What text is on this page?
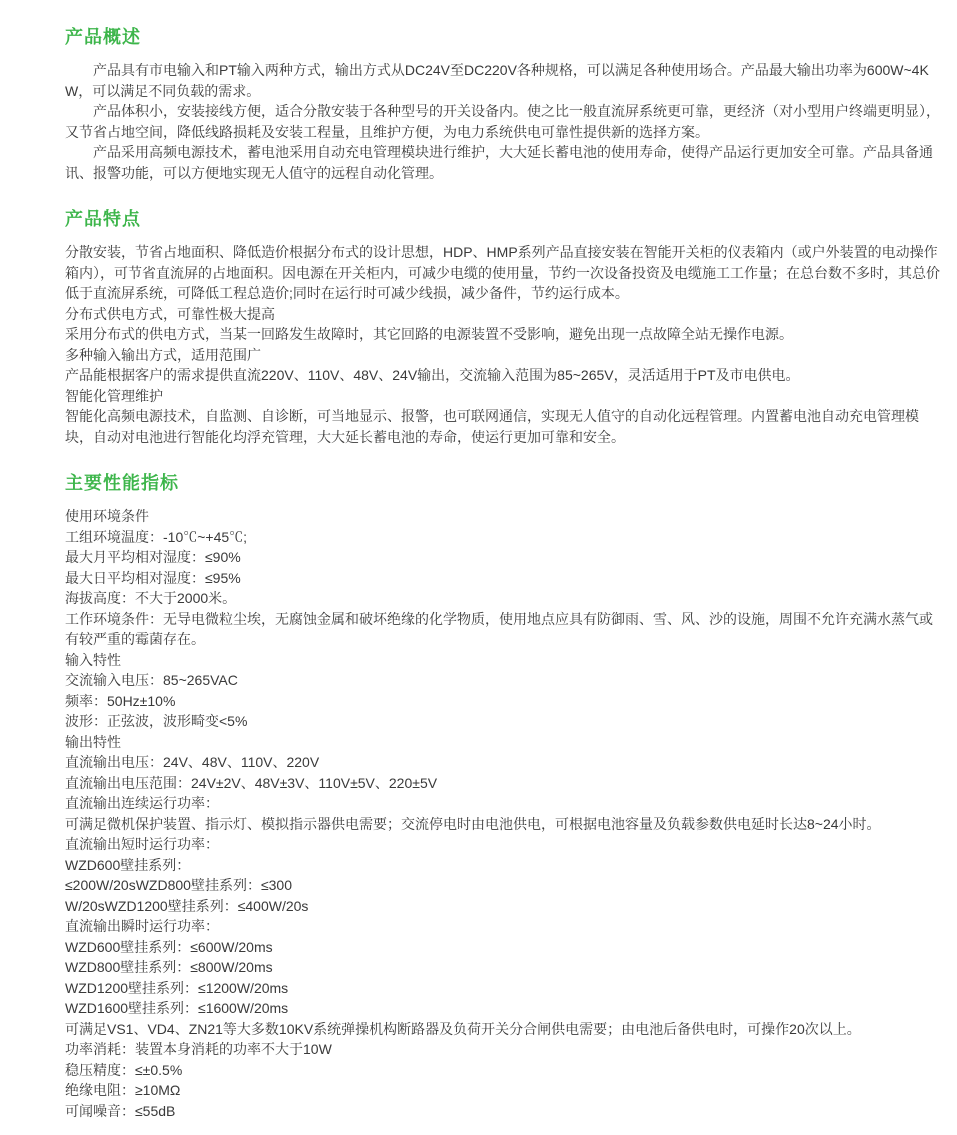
产品概述

产品具有市电输入和PT输入两种方式，输出方式从DC24V至DC220V各种规格，可以满足各种使用场合。产品最大输出功率为600W~4KW，可以满足不同负载的需求。

产品体积小，安装接线方便，适合分散安装于各种型号的开关设备内。使之比一般直流屏系统更可靠，更经济（对小型用户终端更明显），又节省占地空间，降低线路损耗及安装工程量，且维护方便，为电力系统供电可靠性提供新的选择方案。

产品采用高频电源技术，蓄电池采用自动充电管理模块进行维护，大大延长蓄电池的使用寿命，使得产品运行更加安全可靠。产品具备通讯、报警功能，可以方便地实现无人值守的远程自动化管理。

产品特点

分散安装，节省占地面积、降低造价根据分布式的设计思想，HDP、HMP系列产品直接安装在智能开关柜的仪表箱内（或户外装置的电动操作箱内），可节省直流屏的占地面积。因电源在开关柜内，可减少电缆的使用量，节约一次设备投资及电缆施工工作量；在总台数不多时，其总价低于直流屏系统，可降低工程总造价;同时在运行时可减少线损，减少备件，节约运行成本。

分布式供电方式，可靠性极大提高

采用分布式的供电方式，当某一回路发生故障时，其它回路的电源装置不受影响，避免出现一点故障全站无操作电源。

多种输入输出方式，适用范围广

产品能根据客户的需求提供直流220V、110V、48V、24V输出，交流输入范围为85~265V，灵活适用于PT及市电供电。

智能化管理维护

智能化高频电源技术，自监测、自诊断，可当地显示、报警，也可联网通信，实现无人值守的自动化远程管理。内置蓄电池自动充电管理模块，自动对电池进行智能化均浮充管理，大大延长蓄电池的寿命，使运行更加可靠和安全。

主要性能指标

使用环境条件

工组环境温度：-10℃~+45℃;

最大月平均相对湿度：≤90%

最大日平均相对湿度：≤95%

海拔高度：不大于2000米。

工作环境条件：无导电微粒尘埃，无腐蚀金属和破坏绝缘的化学物质，使用地点应具有防御雨、雪、风、沙的设施，周围不允许充满水蒸气或有较严重的霉菌存在。

输入特性

交流输入电压：85~265VAC

频率：50Hz±10%

波形：正弦波，波形畸变<5%

输出特性

直流输出电压：24V、48V、110V、220V

直流输出电压范围：24V±2V、48V±3V、110V±5V、220±5V

直流输出连续运行功率：

可满足微机保护装置、指示灯、模拟指示器供电需要；交流停电时由电池供电，可根据电池容量及负载参数供电延时长达8~24小时。

直流输出短时运行功率：

WZD600壁挂系列：

≤200W/20sWZD800壁挂系列：≤300

W/20sWZD1200壁挂系列：≤400W/20s

直流输出瞬时运行功率：

WZD600壁挂系列：≤600W/20ms

WZD800壁挂系列：≤800W/20ms

WZD1200壁挂系列：≤1200W/20ms

WZD1600壁挂系列：≤1600W/20ms

可满足VS1、VD4、ZN21等大多数10KV系统弹操机构断路器及负荷开关分合闸供电需要；由电池后备供电时，可操作20次以上。

功率消耗：装置本身消耗的功率不大于10W

稳压精度：≤±0.5%

绝缘电阻：≥10MΩ

可闻噪音：≤55dB
